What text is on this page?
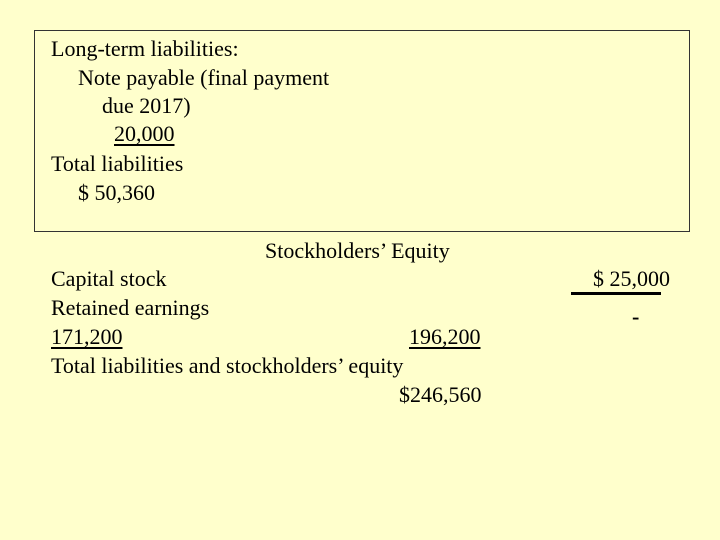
Long-term liabilities:
Note payable (final payment
due 2017)
20,000
Total liabilities
$ 50,360
Stockholders’ Equity
Capital stock	$ 25,000
-
Retained earnings
171,200	196,200
Total liabilities and stockholders’ equity
$246,560
